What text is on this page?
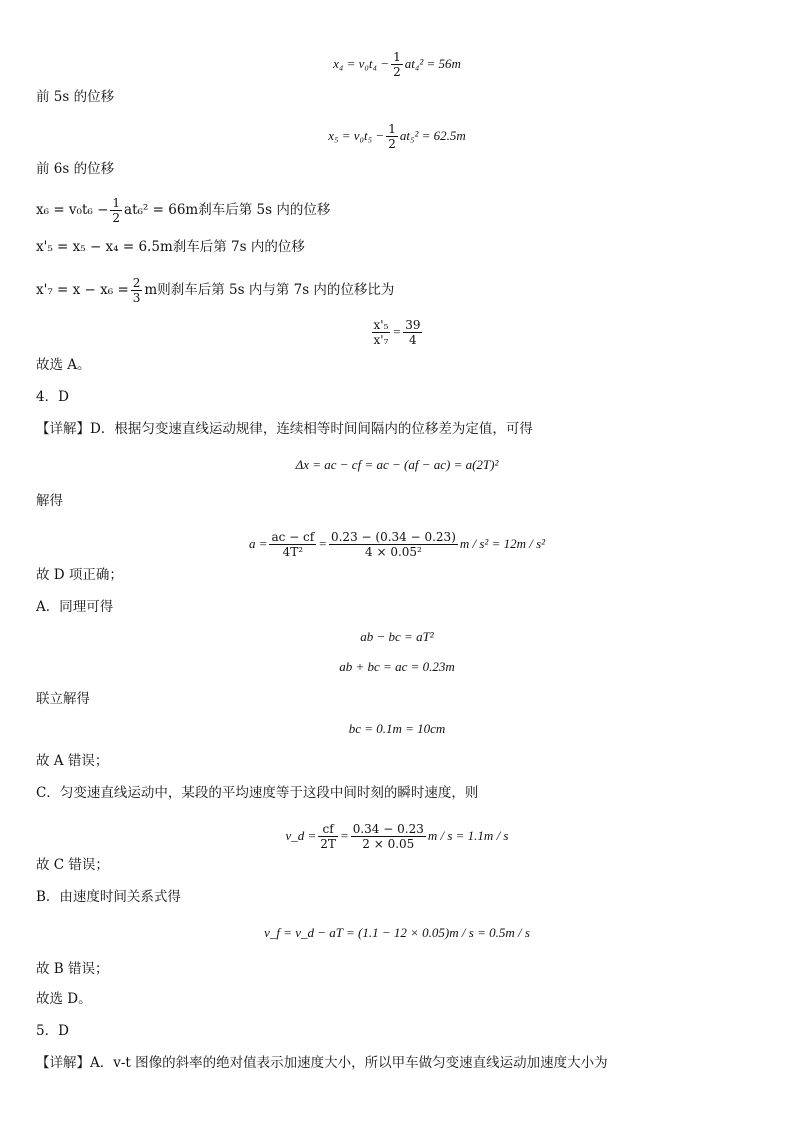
$x_4 = v_0t_4 - \frac{1}{2} at_4^2 = 56m$
前 5s 的位移
$x_5 = v_0t_5 - \frac{1}{2} at_5^2 = 62.5m$
前 6s 的位移
$x_6 = v_0t_6 - \frac{1}{2} at_6^2 = 66m$刹车后第 5s 内的位移
x'₅ = x₅ − x₄ = 6.5m刹车后第 7s 内的位移
$x'_7 = x - x_6 = \frac{2}{3}$ m则刹车后第 5s 内与第 7s 内的位移比为
$\frac{\text{x'₅}}{\text{x'₇}} = \frac{39}{4}$
故选 A。
4．D
【详解】D．根据匀变速直线运动规律，连续相等时间间隔内的位移差为定值，可得
Δx = ac − cf = ac − (af − ac) = a(2T)²
解得
$a = \frac{ac - cf}{\text{4T²}} = \frac{0.23 - (0.34 - 0.23)}{\text{4 × 0.05²}}$ m / s² = 12m / s²
故 D 项正确；
A．同理可得
ab − bc = aT²
ab + bc = ac = 0.23m
联立解得
bc = 0.1m = 10cm
故 A 错误；
C．匀变速直线运动中，某段的平均速度等于这段中间时刻的瞬时速度，则
v_d = $\frac{cf}{2T} = \frac{0.34 - 0.23}{2 \times 0.05}$ m / s = 1.1m / s
故 C 错误；
B．由速度时间关系式得
v_f = v_d − aT = (1.1 − 12 × 0.05)m / s = 0.5m / s
故 B 错误；
故选 D。
5．D
【详解】A．v-t 图像的斜率的绝对值表示加速度大小，所以甲车做匀变速直线运动加速度大小为
